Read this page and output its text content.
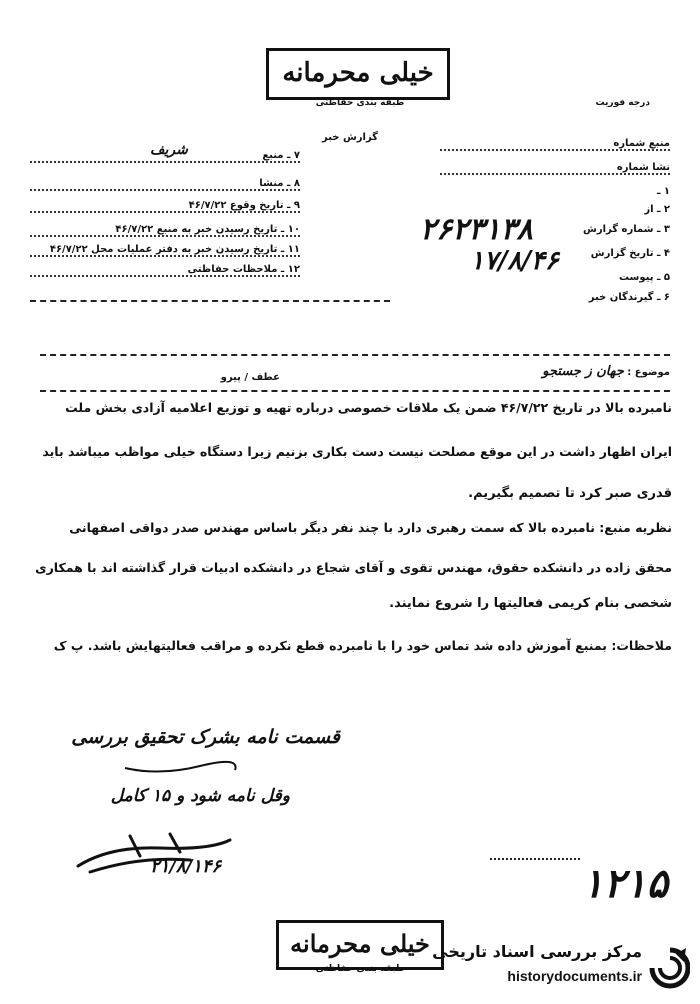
خیلی محرمانه
طبقه بندی حفاظتی	درجه فوریت
گزارش خبر
منبع شماره
نشا شماره
۱ ـ
۲ ـ از
۳ ـ شماره گزارش
۴ ـ تاریخ گزارش
۵ ـ پیوست
۶ ـ گیرندگان خبر
۲۶۲۳۱۳۸
۱۷/۸/۴۶
۷ ـ منبع
۸ ـ منشا
۹ ـ تاریخ وقوع ۴۶/۷/۲۲
۱۰ ـ تاریخ رسیدن خبر به منبع ۴۶/۷/۲۲
۱۱ ـ تاریخ رسیدن خبر به دفتر عملیات محل ۴۶/۷/۲۲
۱۲ ـ ملاحظات حفاظتی
شریف
موضوع : جهان ز جستجو
عطف / پیرو
نامبرده بالا در تاریخ ۴۶/۷/۲۲ ضمن یک ملاقات خصوصی درباره تهیه و توزیع اعلامیه آزادی بخش ملت
ایران اظهار داشت در این موقع مصلحت نیست دست بکاری بزنیم زیرا دستگاه خیلی مواظب میباشد باید
قدری صبر کرد تا تصمیم بگیریم.
نظریه منبع: نامبرده بالا که سمت رهبری دارد با چند نفر دیگر باساس مهندس صدر دواقی اصفهانی
محقق زاده در دانشکده حقوق، مهندس تقوی و آقای شجاع در دانشکده ادبیات قرار گذاشته اند با همکاری
شخصی بنام کریمی فعالیتها را شروع نمایند.
ملاحظات: بمنبع آموزش داده شد تماس خود را با نامبرده قطع نکرده و مراقب فعالیتهایش باشد. پ ک
قسمت نامه بشرک تحقیق بررسی
وقل نامه شود و ۱۵ کامل
۲۱/۸/۱۴۶	۱۲۱۵
خیلی محرمانه
طبقه بندی حفاظتی
مرکز بررسی اسناد تاریخی
historydocuments.ir
